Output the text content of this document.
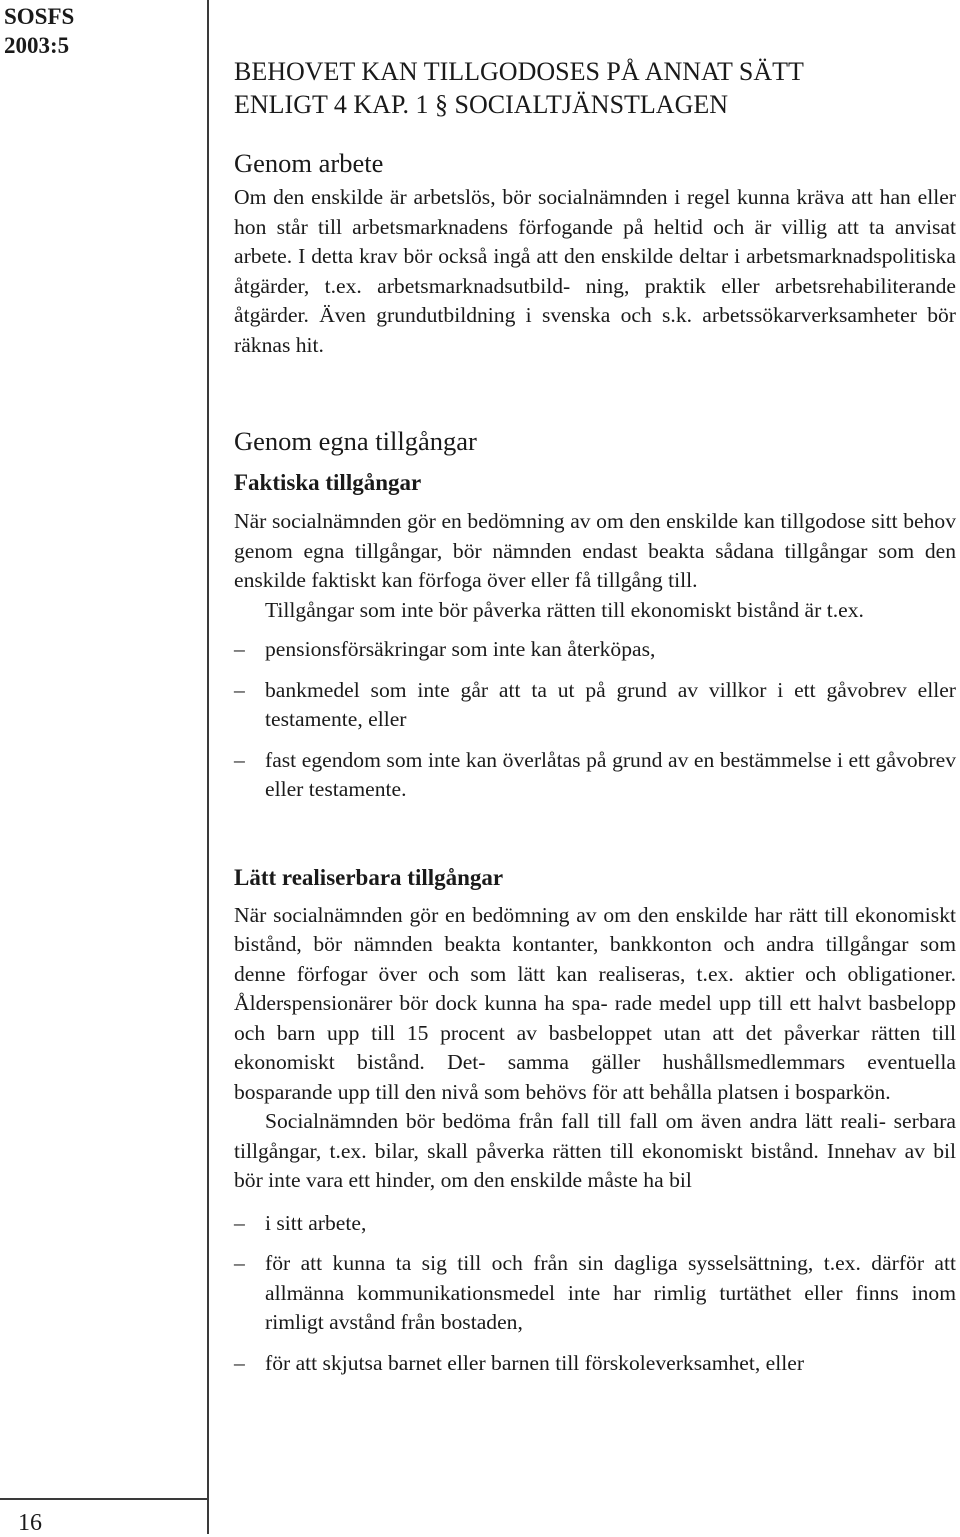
SOSFS
2003:5
16
BEHOVET KAN TILLGODOSES PÅ ANNAT SÄTT
ENLIGT 4 KAP. 1 § SOCIALTJÄNSTLAGEN
Genom arbete

Om den enskilde är arbetslös, bör socialnämnden i regel kunna kräva att han eller hon står till arbetsmarknadens förfogande på heltid och är villig att ta anvisat arbete. I detta krav bör också ingå att den enskilde deltar i arbetsmarknadspolitiska åtgärder, t.ex. arbetsmarknadsutbild- ning, praktik eller arbetsrehabiliterande åtgärder. Även grundutbildning i svenska och s.k. arbetssökarverksamheter bör räknas hit.

Genom egna tillgångar
Faktiska tillgångar

När socialnämnden gör en bedömning av om den enskilde kan tillgodose sitt behov genom egna tillgångar, bör nämnden endast beakta sådana tillgångar som den enskilde faktiskt kan förfoga över eller få tillgång till.

Tillgångar som inte bör påverka rätten till ekonomiskt bistånd är t.ex.

– pensionsförsäkringar som inte kan återköpas,
– bankmedel som inte går att ta ut på grund av villkor i ett gåvobrev eller testamente, eller
– fast egendom som inte kan överlåtas på grund av en bestämmelse i ett gåvobrev eller testamente.
Lätt realiserbara tillgångar

När socialnämnden gör en bedömning av om den enskilde har rätt till ekonomiskt bistånd, bör nämnden beakta kontanter, bankkonton och andra tillgångar som denne förfogar över och som lätt kan realiseras, t.ex. aktier och obligationer. Ålderspensionärer bör dock kunna ha spa- rade medel upp till ett halvt basbelopp och barn upp till 15 procent av basbeloppet utan att det påverkar rätten till ekonomiskt bistånd. Det- samma gäller hushållsmedlemmars eventuella bosparande upp till den nivå som behövs för att behålla platsen i bosparkön.

Socialnämnden bör bedöma från fall till fall om även andra lätt reali- serbara tillgångar, t.ex. bilar, skall påverka rätten till ekonomiskt bistånd. Innehav av bil bör inte vara ett hinder, om den enskilde måste ha bil

– i sitt arbete,
– för att kunna ta sig till och från sin dagliga sysselsättning, t.ex. därför att allmänna kommunikationsmedel inte har rimlig turtäthet eller finns inom rimligt avstånd från bostaden,
– för att skjutsa barnet eller barnen till förskoleverksamhet, eller
